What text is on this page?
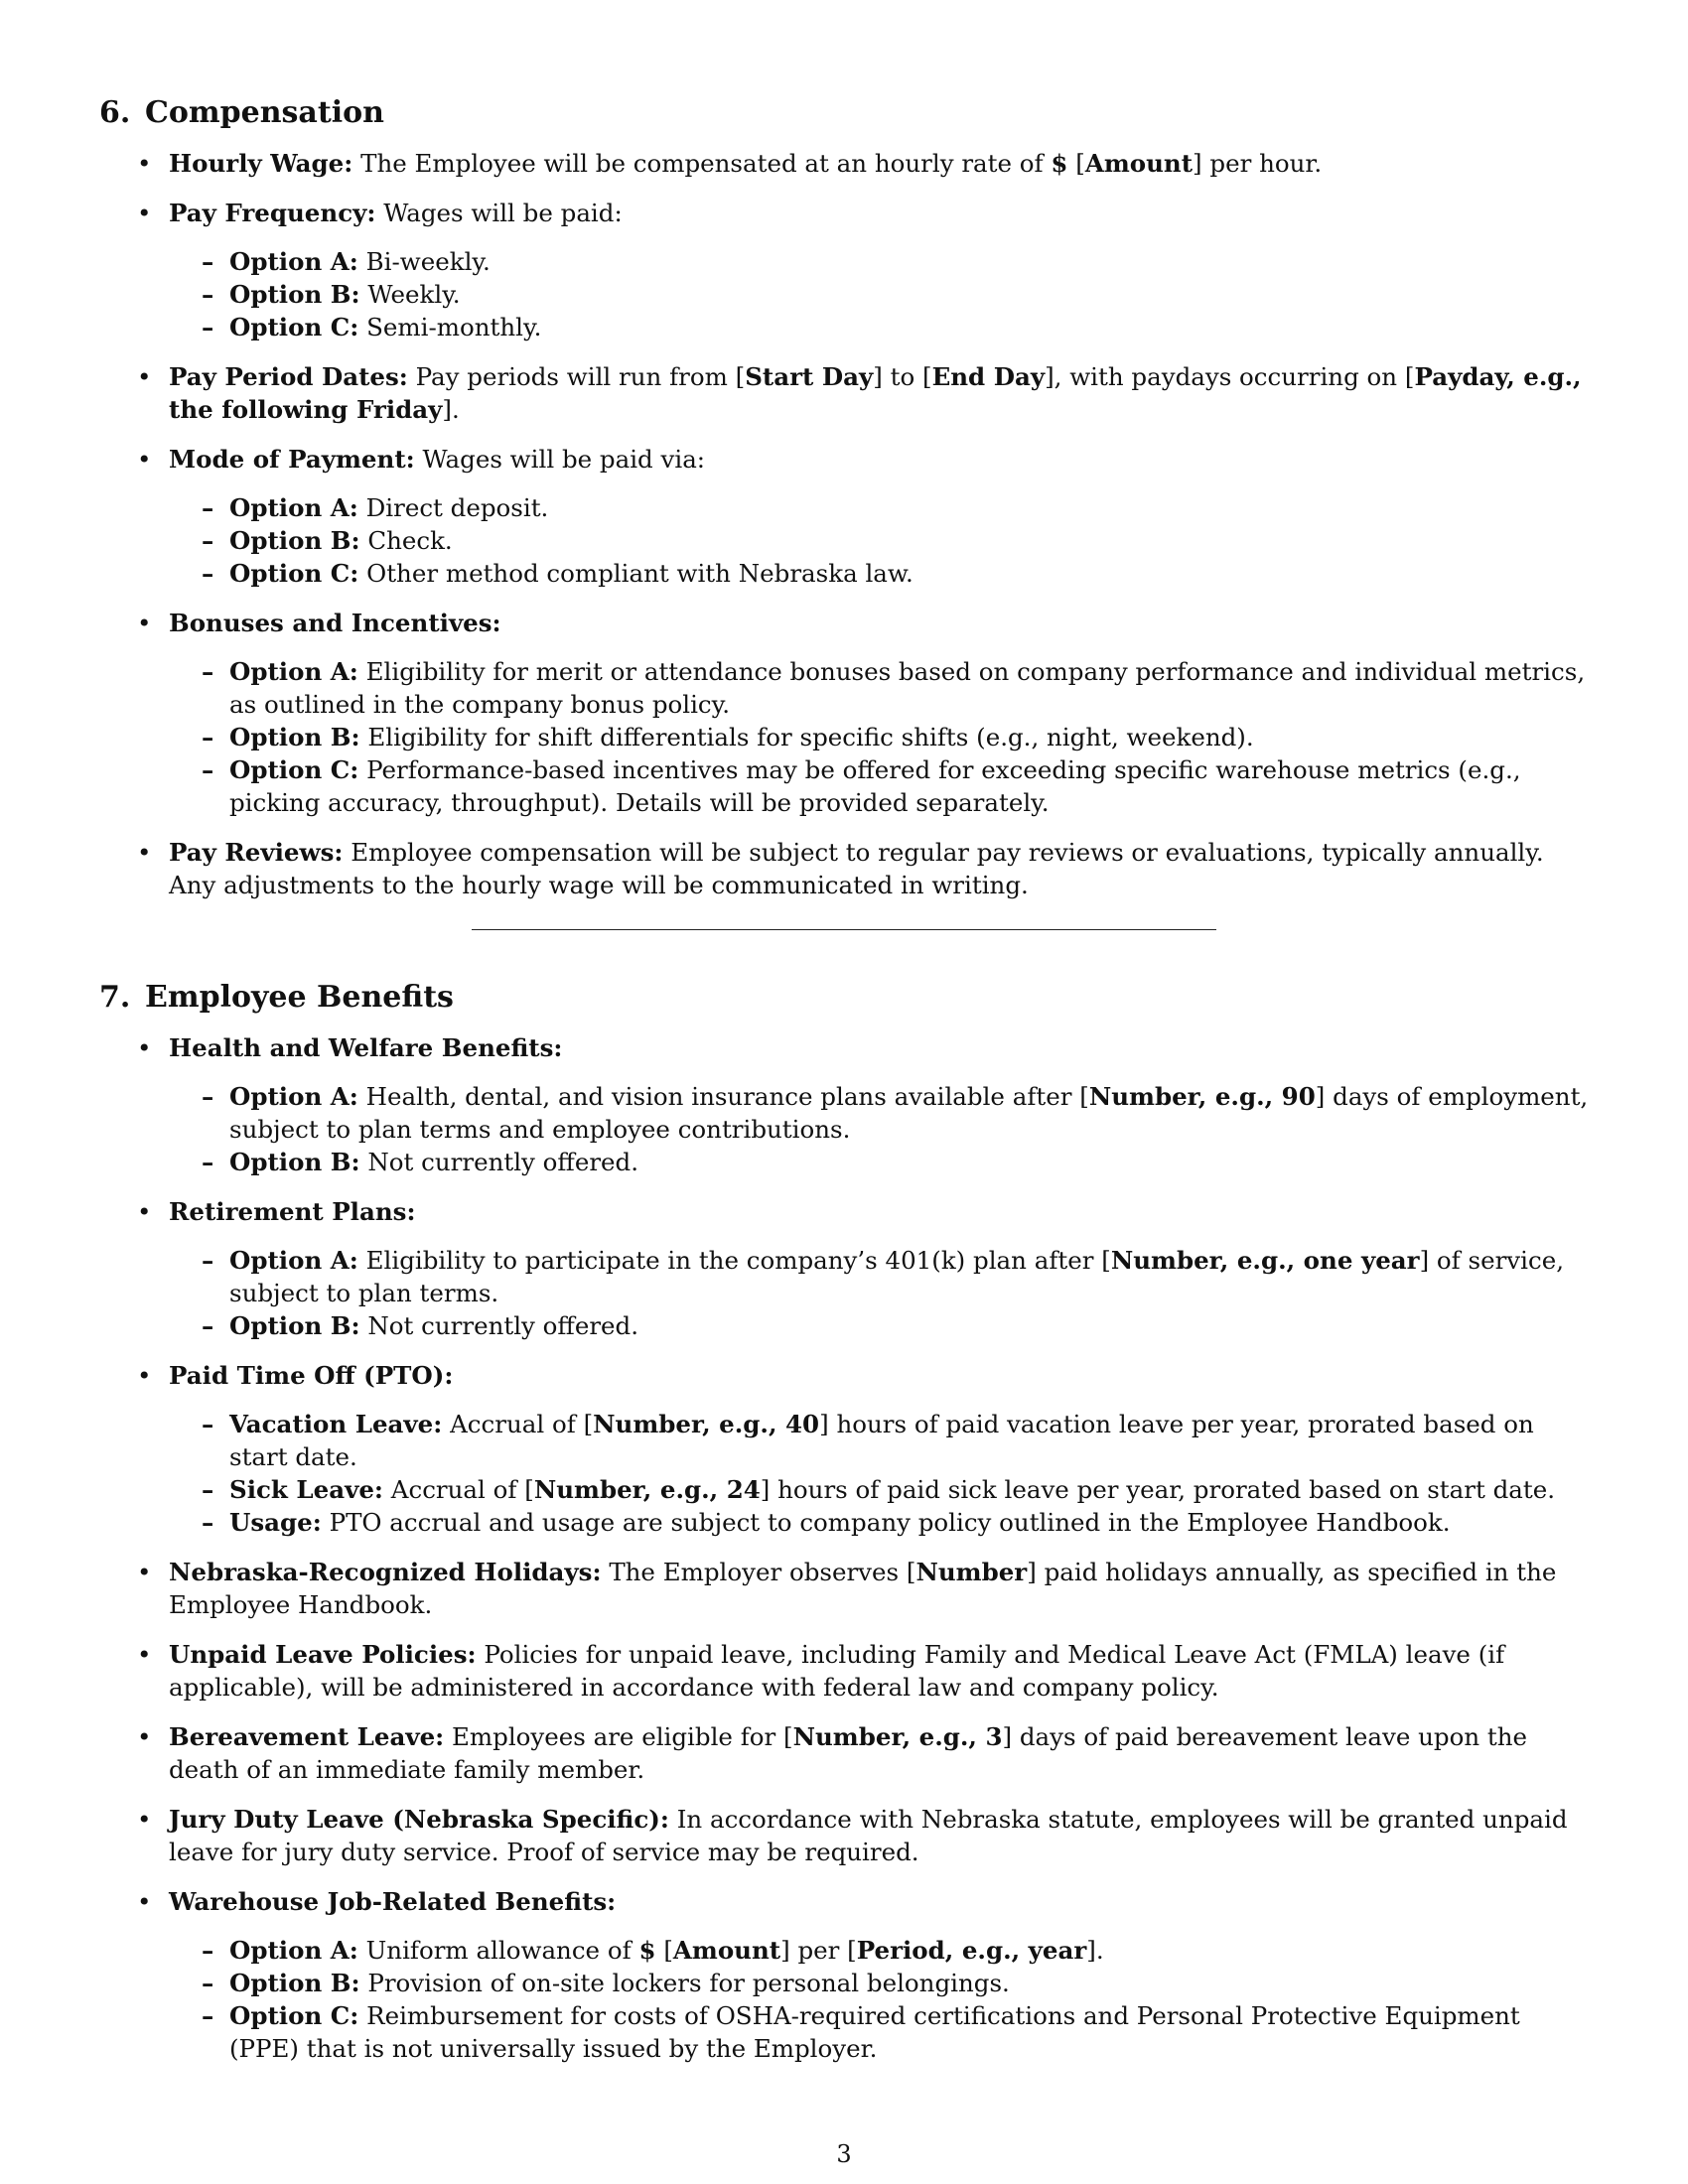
6. Compensation
• Hourly Wage: The Employee will be compensated at an hourly rate of $ [Amount] per hour.
• Pay Frequency: Wages will be paid:
– Option A: Bi-weekly.
– Option B: Weekly.
– Option C: Semi-monthly.
• Pay Period Dates: Pay periods will run from [Start Day] to [End Day], with paydays occurring on [Payday, e.g., the following Friday].
• Mode of Payment: Wages will be paid via:
– Option A: Direct deposit.
– Option B: Check.
– Option C: Other method compliant with Nebraska law.
• Bonuses and Incentives:
– Option A: Eligibility for merit or attendance bonuses based on company performance and individual metrics, as outlined in the company bonus policy.
– Option B: Eligibility for shift differentials for specific shifts (e.g., night, weekend).
– Option C: Performance-based incentives may be offered for exceeding specific warehouse metrics (e.g., picking accuracy, throughput). Details will be provided separately.
• Pay Reviews: Employee compensation will be subject to regular pay reviews or evaluations, typically annually. Any adjustments to the hourly wage will be communicated in writing.
7. Employee Benefits
• Health and Welfare Benefits:
– Option A: Health, dental, and vision insurance plans available after [Number, e.g., 90] days of employment, subject to plan terms and employee contributions.
– Option B: Not currently offered.
• Retirement Plans:
– Option A: Eligibility to participate in the company’s 401(k) plan after [Number, e.g., one year] of service, subject to plan terms.
– Option B: Not currently offered.
• Paid Time Off (PTO):
– Vacation Leave: Accrual of [Number, e.g., 40] hours of paid vacation leave per year, prorated based on start date.
– Sick Leave: Accrual of [Number, e.g., 24] hours of paid sick leave per year, prorated based on start date.
– Usage: PTO accrual and usage are subject to company policy outlined in the Employee Handbook.
• Nebraska-Recognized Holidays: The Employer observes [Number] paid holidays annually, as specified in the Employee Handbook.
• Unpaid Leave Policies: Policies for unpaid leave, including Family and Medical Leave Act (FMLA) leave (if applicable), will be administered in accordance with federal law and company policy.
• Bereavement Leave: Employees are eligible for [Number, e.g., 3] days of paid bereavement leave upon the death of an immediate family member.
• Jury Duty Leave (Nebraska Specific): In accordance with Nebraska statute, employees will be granted unpaid leave for jury duty service. Proof of service may be required.
• Warehouse Job-Related Benefits:
– Option A: Uniform allowance of $ [Amount] per [Period, e.g., year].
– Option B: Provision of on-site lockers for personal belongings.
– Option C: Reimbursement for costs of OSHA-required certifications and Personal Protective Equipment (PPE) that is not universally issued by the Employer.
3
